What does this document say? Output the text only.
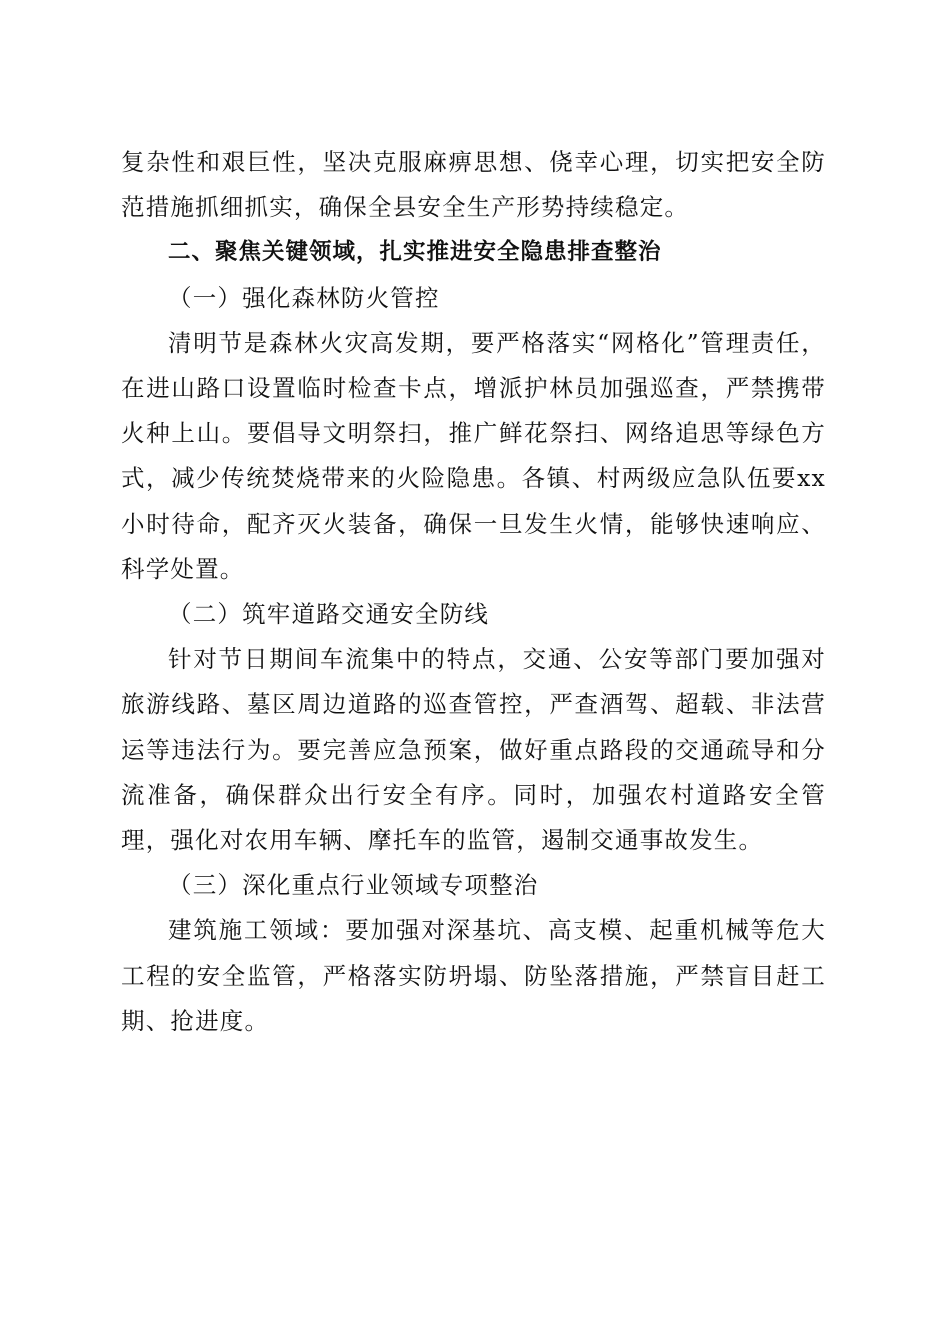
复杂性和艰巨性，坚决克服麻痹思想、侥幸心理，切实把安全防范措施抓细抓实，确保全县安全生产形势持续稳定。

二、聚焦关键领域，扎实推进安全隐患排查整治

（一）强化森林防火管控

清明节是森林火灾高发期，要严格落实“网格化”管理责任，在进山路口设置临时检查卡点，增派护林员加强巡查，严禁携带火种上山。要倡导文明祭扫，推广鲜花祭扫、网络追思等绿色方式，减少传统焚烧带来的火险隐患。各镇、村两级应急队伍要xx小时待命，配齐灭火装备，确保一旦发生火情，能够快速响应、科学处置。

（二）筑牢道路交通安全防线

针对节日期间车流集中的特点，交通、公安等部门要加强对旅游线路、墓区周边道路的巡查管控，严查酒驾、超载、非法营运等违法行为。要完善应急预案，做好重点路段的交通疏导和分流准备，确保群众出行安全有序。同时，加强农村道路安全管理，强化对农用车辆、摩托车的监管，遏制交通事故发生。

（三）深化重点行业领域专项整治

建筑施工领域：要加强对深基坑、高支模、起重机械等危大工程的安全监管，严格落实防坍塌、防坠落措施，严禁盲目赶工期、抢进度。
